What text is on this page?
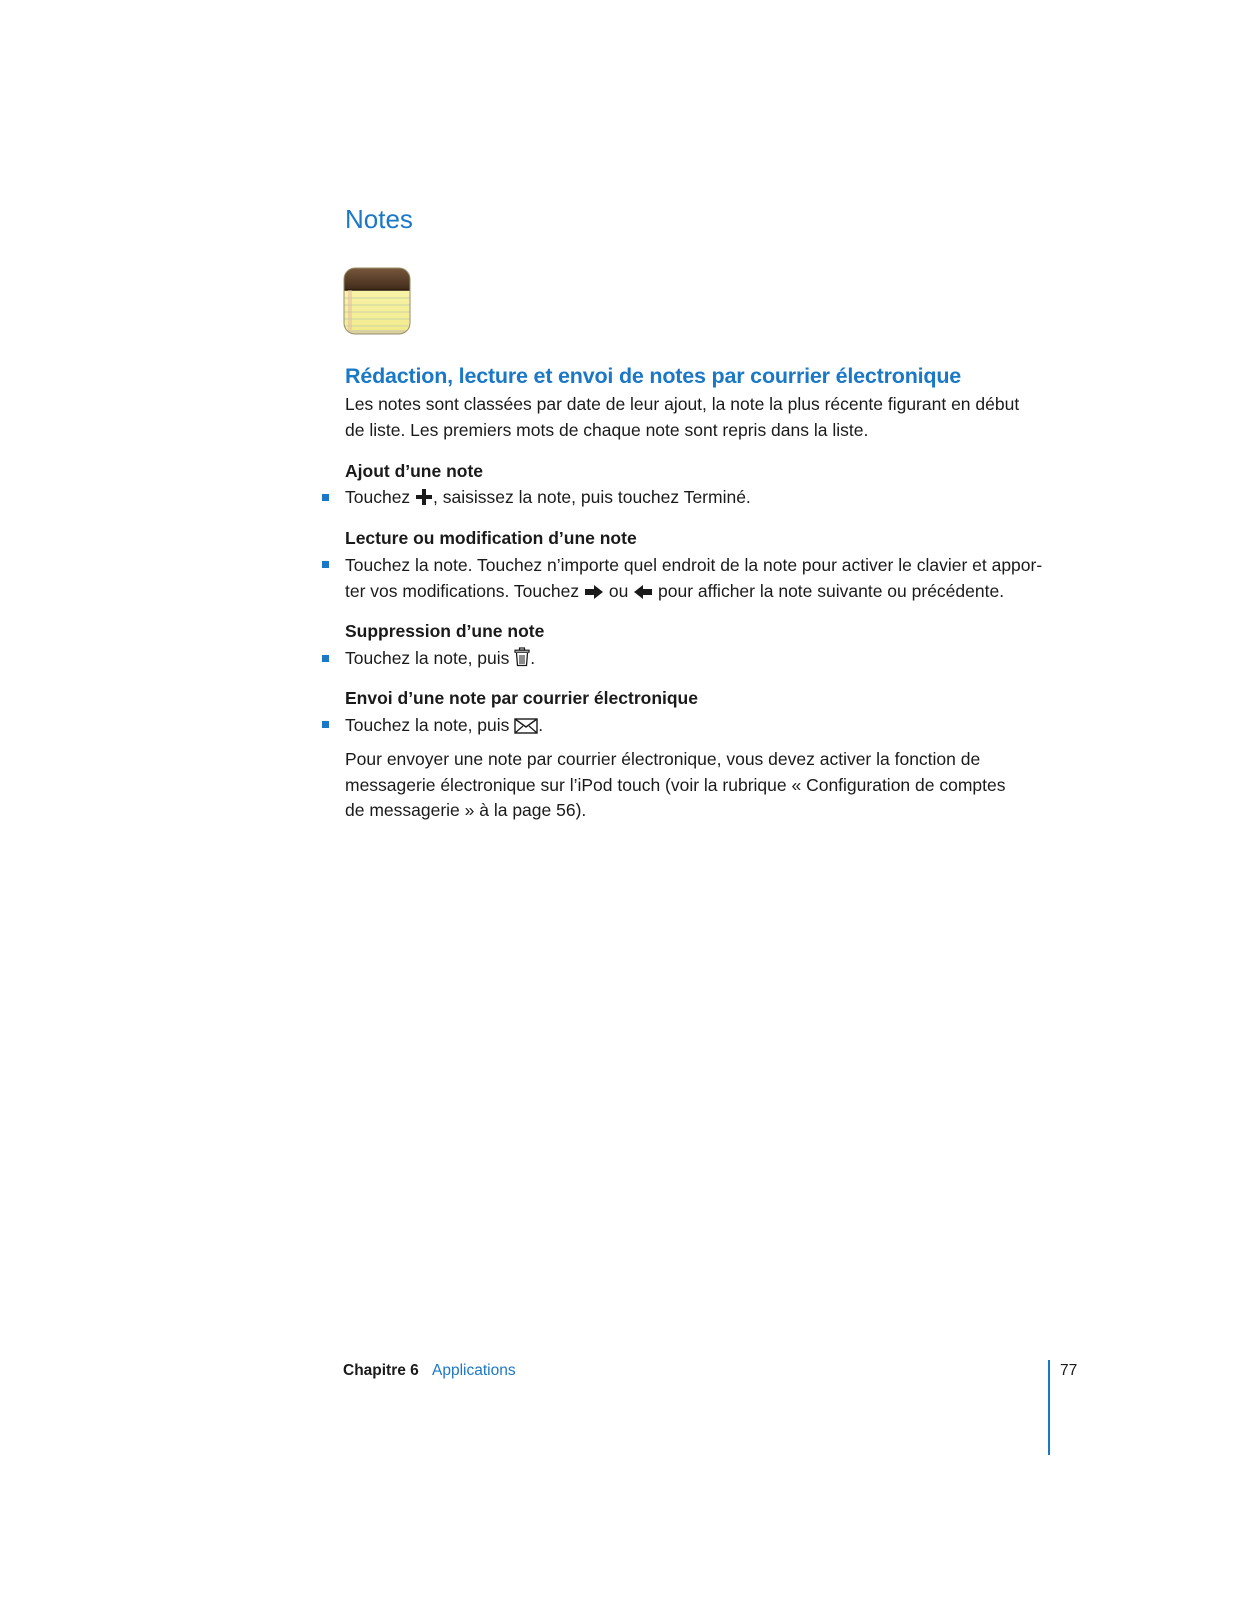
Notes
Rédaction, lecture et envoi de notes par courrier électronique
Les notes sont classées par date de leur ajout, la note la plus récente figurant en début
de liste. Les premiers mots de chaque note sont repris dans la liste.
Ajout d’une note
Touchez , saisissez la note, puis touchez Terminé.
Lecture ou modification d’une note
Touchez la note. Touchez n’importe quel endroit de la note pour activer le clavier et appor-
ter vos modifications. Touchez  ou  pour afficher la note suivante ou précédente.
Suppression d’une note
Touchez la note, puis .
Envoi d’une note par courrier électronique
Touchez la note, puis .
Pour envoyer une note par courrier électronique, vous devez activer la fonction de
messagerie électronique sur l’iPod touch (voir la rubrique « Configuration de comptes
de messagerie » à la page 56).
Chapitre 6 Applications	77
